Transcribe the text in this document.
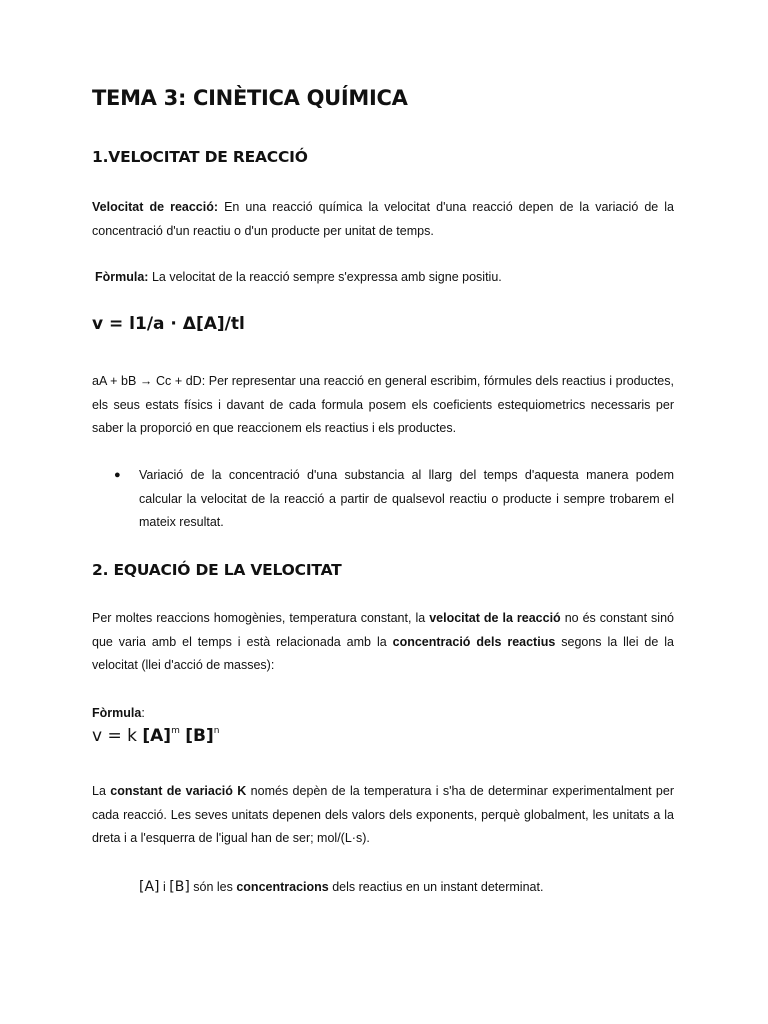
TEMA 3: CINÈTICA QUÍMICA
1.VELOCITAT DE REACCIÓ

Velocitat de reacció: En una reacció química la velocitat d'una reacció depen de la variació de la concentració d'un reactiu o d'un producte per unitat de temps.

Fòrmula: La velocitat de la reacció sempre s'expressa amb signe positiu.

v = l1/a · Δ[A]/tl

aA + bB → Cc + dD: Per representar una reacció en general escribim, fórmules dels reactius i productes, els seus estats físics i davant de cada formula posem els coeficients estequiometrics necessaris per saber la proporció en que reaccionem els reactius i els productes.

● Variació de la concentració d'una substancia al llarg del temps d'aquesta manera podem calcular la velocitat de la reacció a partir de qualsevol reactiu o producte i sempre trobarem el mateix resultat.

2. EQUACIÓ DE LA VELOCITAT

Per moltes reaccions homogènies, temperatura constant, la velocitat de la reacció no és constant sinó que varia amb el temps i està relacionada amb la concentració dels reactius segons la llei de la velocitat (llei d'acció de masses):

Fòrmula:

v = k $[A]^m$ $[B]^n$

La constant de variació K només depèn de la temperatura i s'ha de determinar experimentalment per cada reacció. Les seves unitats depenen dels valors dels exponents, perquè globalment, les unitats a la dreta i a l'esquerra de l'igual han de ser; mol/(L·s).

[A] i [B] són les concentracions dels reactius en un instant determinat.
